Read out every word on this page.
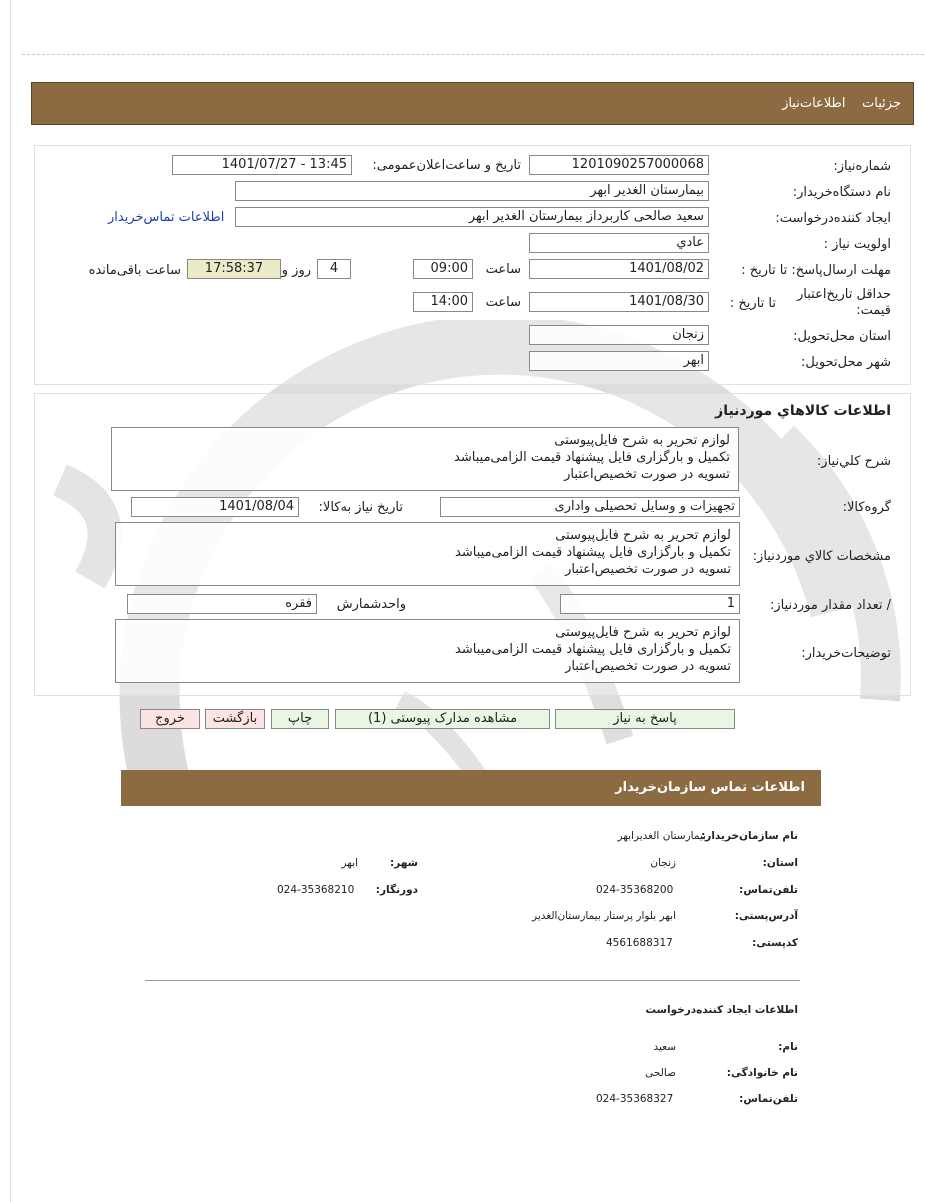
جزئیات    اطلاعات‌نیاز
شماره‌نیاز:
1201090257000068
تاریخ و ساعت‌اعلان‌عمومی:
1401/07/27 - 13:45
نام دستگاه‌خریدار:
بیمارستان الغدیر ابهر
ایجاد کننده‌درخواست:
سعید صالحی کاربرداز بیمارستان الغدیر ابهر
اطلاعات تماس‌خریدار
اولویت نیاز :
عادي
مهلت ارسال‌پاسخ: تا تاریخ :
1401/08/02
ساعت
09:00
4
روز و
17:58:37
ساعت باقی‌مانده
حداقل تاریخ‌اعتبار قیمت:
تا تاریخ :
1401/08/30
ساعت
14:00
استان محل‌تحویل:
زنجان
شهر محل‌تحویل:
ابهر
اطلاعات کالاهاي موردنیاز
شرح کلي‌نیاز:
لوازم تحریر به شرح فایل‌پیوستی
تکمیل و بارگزاری فایل پیشنهاد قیمت الزامی‌میباشد
تسویه در صورت تخصیص‌اعتبار
گروه‌کالا:
تجهیزات و وسایل تحصیلی واداری
تاریخ نیاز به‌کالا:
1401/08/04
مشخصات کالاي مورد‌نیاز:
لوازم تحریر به شرح فایل‌پیوستی
تکمیل و بارگزاری فایل پیشنهاد قیمت الزامی‌میباشد
تسویه در صورت تخصیص‌اعتبار
/ تعداد مقدار مورد‌نیاز:
1
واحد‌شمارش
فقره
توضیحات‌خریدار:
لوازم تحریر به شرح فایل‌پیوستی
تکمیل و بارگزاری فایل پیشنهاد قیمت الزامی‌میباشد
تسویه در صورت تخصیص‌اعتبار
پاسخ به نیاز
مشاهده مدارک پیوستی (1)
چاپ
بازگشت
خروج
اطلاعات تماس سازمان‌خریدار
نام سازمان‌خریدار:
بیمارستان الغدیرابهر
استان:
زنجان
شهر:
ابهر
تلفن‌تماس:
024-35368200
دورنگار:
024-35368210
آدرس‌پستی:
ابهر بلوار پرستار بیمارستان‌الغدیر
کد‌پستی:
4561688317
اطلاعات ایجاد کننده‌درخواست
نام:
سعید
نام خانوادگی:
صالحی
تلفن‌تماس:
024-35368327
